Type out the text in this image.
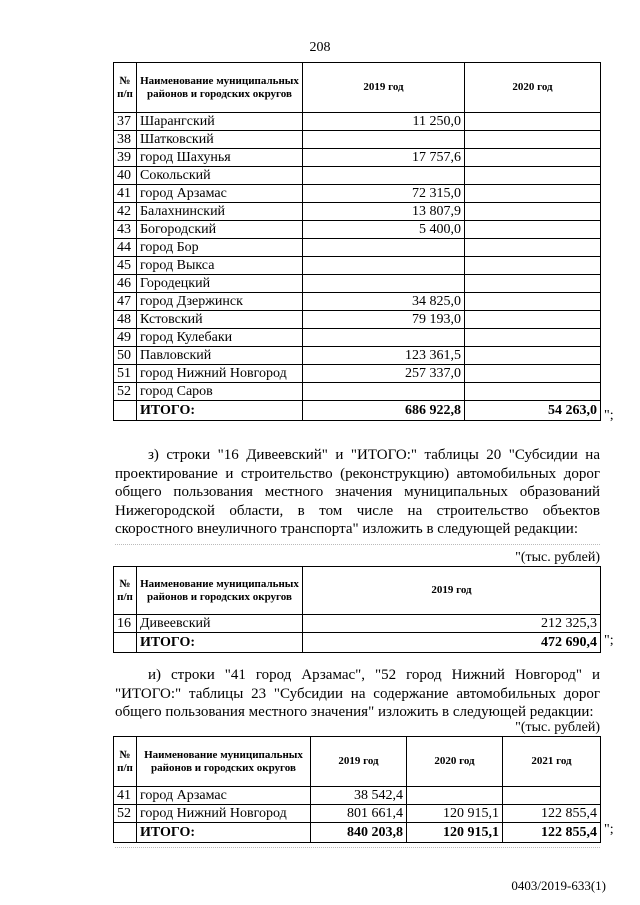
208
№ п/п	Наименование муниципальных районов и городских округов	2019 год	2020 год
37	Шарангский	11 250,0	
38	Шатковский		
39	город Шахунья	17 757,6	
40	Сокольский		
41	город Арзамас	72 315,0	
42	Балахнинский	13 807,9	
43	Богородский	5 400,0	
44	город Бор		
45	город Выкса		
46	Городецкий		
47	город Дзержинск	34 825,0	
48	Кстовский	79 193,0	
49	город Кулебаки		
50	Павловский	123 361,5	
51	город Нижний Новгород	257 337,0	
52	город Саров		
	ИТОГО:	686 922,8	54 263,0 ";
з) строки "16 Дивеевский" и "ИТОГО:" таблицы 20 "Субсидии на
проектирование и строительство (реконструкцию) автомобильных дорог
общего пользования местного значения муниципальных образований
Нижегородской области, в том числе на строительство объектов
скоростного внеуличного транспорта" изложить в следующей редакции:
"(тыс. рублей)
№ п/п	Наименование муниципальных районов и городских округов	2019 год
16	Дивеевский	212 325,3
	ИТОГО:	472 690,4 ";
и) строки "41 город Арзамас", "52 город Нижний Новгород" и
"ИТОГО:" таблицы 23 "Субсидии на содержание автомобильных дорог
общего пользования местного значения" изложить в следующей редакции:
"(тыс. рублей)
№ п/п	Наименование муниципальных районов и городских округов	2019 год	2020 год	2021 год
41	город Арзамас	38 542,4		
52	город Нижний Новгород	801 661,4	120 915,1	122 855,4
	ИТОГО:	840 203,8	120 915,1	122 855,4 ";
0403/2019-633(1)
